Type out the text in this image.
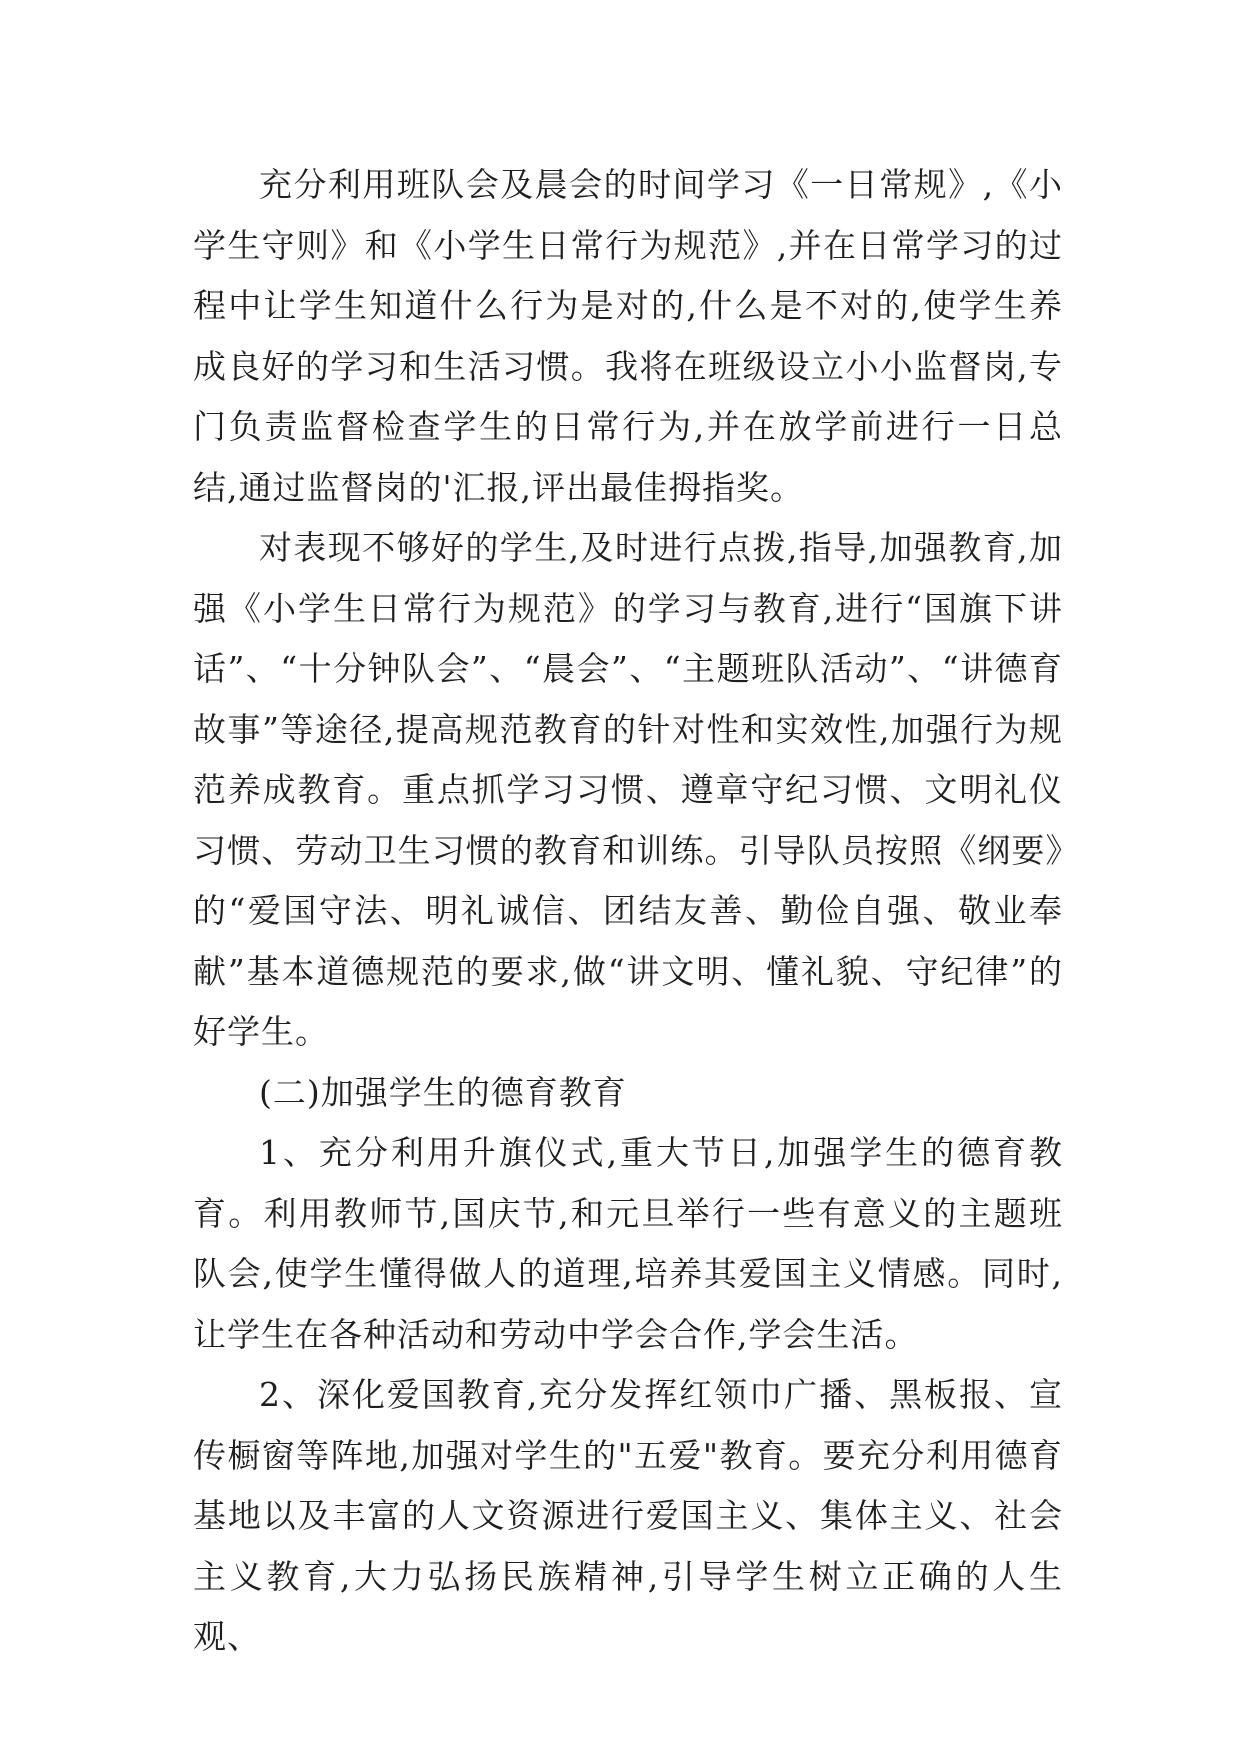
充分利用班队会及晨会的时间学习《一日常规》,《小学生守则》和《小学生日常行为规范》,并在日常学习的过程中让学生知道什么行为是对的,什么是不对的,使学生养成良好的学习和生活习惯。我将在班级设立小小监督岗,专门负责监督检查学生的日常行为,并在放学前进行一日总结,通过监督岗的'汇报,评出最佳拇指奖。

对表现不够好的学生,及时进行点拨,指导,加强教育,加强《小学生日常行为规范》的学习与教育,进行“国旗下讲话”、“十分钟队会”、“晨会”、“主题班队活动”、“讲德育故事”等途径,提高规范教育的针对性和实效性,加强行为规范养成教育。重点抓学习习惯、遵章守纪习惯、文明礼仪习惯、劳动卫生习惯的教育和训练。引导队员按照《纲要》的“爱国守法、明礼诚信、团结友善、勤俭自强、敬业奉献”基本道德规范的要求,做“讲文明、懂礼貌、守纪律”的好学生。

(二)加强学生的德育教育

1、充分利用升旗仪式,重大节日,加强学生的德育教育。利用教师节,国庆节,和元旦举行一些有意义的主题班队会,使学生懂得做人的道理,培养其爱国主义情感。同时,让学生在各种活动和劳动中学会合作,学会生活。

2、深化爱国教育,充分发挥红领巾广播、黑板报、宣传橱窗等阵地,加强对学生的"五爱"教育。要充分利用德育基地以及丰富的人文资源进行爱国主义、集体主义、社会主义教育,大力弘扬民族精神,引导学生树立正确的人生观、
